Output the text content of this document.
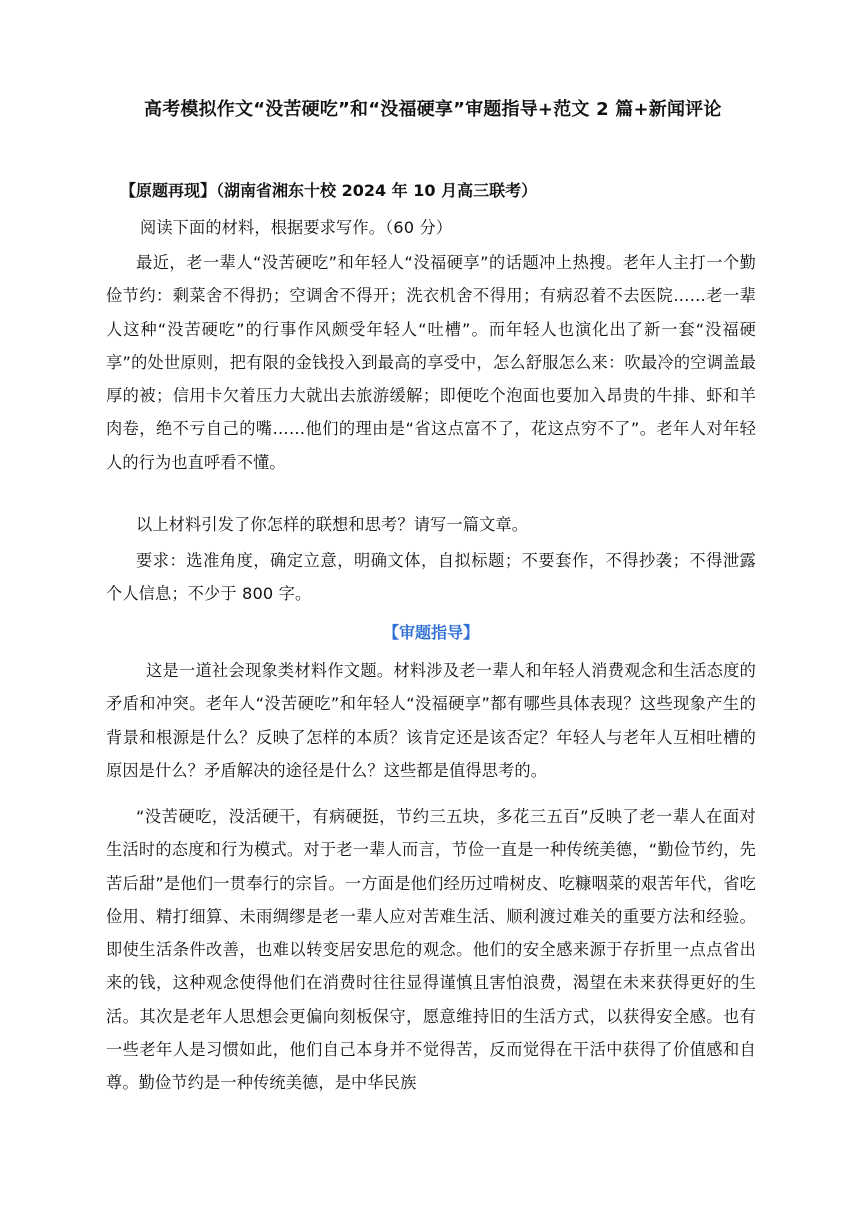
高考模拟作文“没苦硬吃”和“没福硬享”审题指导+范文 2 篇+新闻评论
【原题再现】（湖南省湘东十校 2024 年 10 月高三联考）

阅读下面的材料，根据要求写作。（60 分）

最近，老一辈人“没苦硬吃”和年轻人“没福硬享”的话题冲上热搜。老年人主打一个勤俭节约：剩菜舍不得扔；空调舍不得开；洗衣机舍不得用；有病忍着不去医院……老一辈人这种“没苦硬吃”的行事作风颇受年轻人“吐槽”。而年轻人也演化出了新一套“没福硬享”的处世原则，把有限的金钱投入到最高的享受中，怎么舒服怎么来：吹最冷的空调盖最厚的被；信用卡欠着压力大就出去旅游缓解；即便吃个泡面也要加入昂贵的牛排、虾和羊肉卷，绝不亏自己的嘴……他们的理由是“省这点富不了，花这点穷不了”。老年人对年轻人的行为也直呼看不懂。

以上材料引发了你怎样的联想和思考？请写一篇文章。

要求：选准角度，确定立意，明确文体，自拟标题；不要套作，不得抄袭；不得泄露个人信息；不少于 800 字。

【审题指导】

这是一道社会现象类材料作文题。材料涉及老一辈人和年轻人消费观念和生活态度的矛盾和冲突。老年人“没苦硬吃”和年轻人“没福硬享”都有哪些具体表现？这些现象产生的背景和根源是什么？反映了怎样的本质？该肯定还是该否定？年轻人与老年人互相吐槽的原因是什么？矛盾解决的途径是什么？这些都是值得思考的。

“没苦硬吃，没活硬干，有病硬挺，节约三五块，多花三五百”反映了老一辈人在面对生活时的态度和行为模式。对于老一辈人而言，节俭一直是一种传统美德，“勤俭节约，先苦后甜”是他们一贯奉行的宗旨。一方面是他们经历过啃树皮、吃糠咽菜的艰苦年代，省吃俭用、精打细算、未雨绸缪是老一辈人应对苦难生活、顺利渡过难关的重要方法和经验。即使生活条件改善，也难以转变居安思危的观念。他们的安全感来源于存折里一点点省出来的钱，这种观念使得他们在消费时往往显得谨慎且害怕浪费，渴望在未来获得更好的生活。其次是老年人思想会更偏向刻板保守，愿意维持旧的生活方式，以获得安全感。也有一些老年人是习惯如此，他们自己本身并不觉得苦，反而觉得在干活中获得了价值感和自尊。勤俭节约是一种传统美德，是中华民族
